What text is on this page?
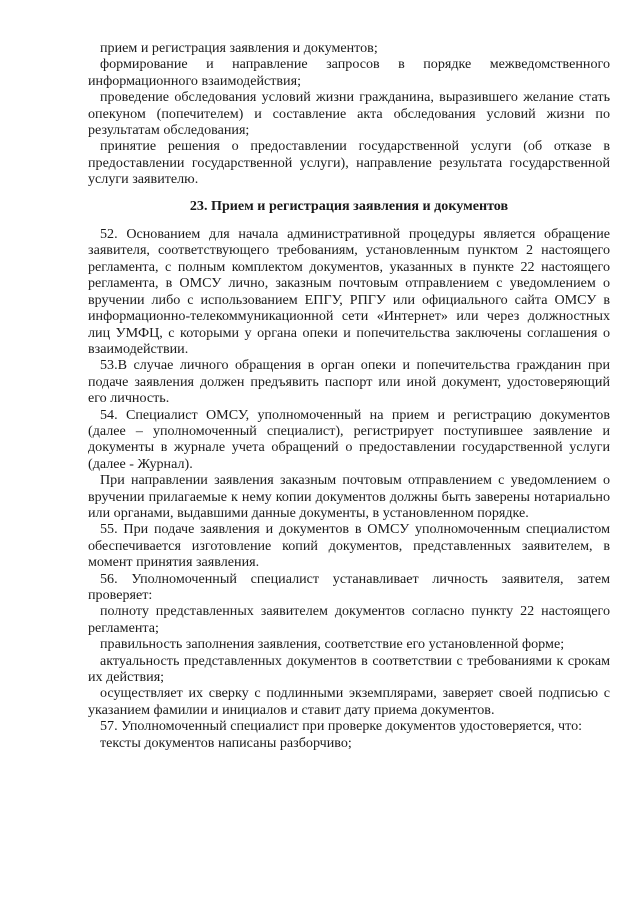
прием и регистрация заявления и документов;

формирование и направление запросов в порядке межведомственного информационного взаимодействия;

проведение обследования условий жизни гражданина, выразившего желание стать опекуном (попечителем) и составление акта обследования условий жизни по результатам обследования;

принятие решения о предоставлении государственной услуги (об отказе в предоставлении государственной услуги), направление результата государственной услуги заявителю.

23. Прием и регистрация заявления и документов

52. Основанием для начала административной процедуры является обращение заявителя, соответствующего требованиям, установленным пунктом 2 настоящего регламента, с полным комплектом документов, указанных в пункте 22 настоящего регламента, в ОМСУ лично, заказным почтовым отправлением с уведомлением о вручении либо с использованием ЕПГУ, РПГУ или официального сайта ОМСУ в информационно-телекоммуникационной сети «Интернет» или через должностных лиц УМФЦ, с которыми у органа опеки и попечительства заключены соглашения о взаимодействии.

53.В случае личного обращения в орган опеки и попечительства гражданин при подаче заявления должен предъявить паспорт или иной документ, удостоверяющий его личность.

54. Специалист ОМСУ, уполномоченный на прием и регистрацию документов (далее – уполномоченный специалист), регистрирует поступившее заявление и документы в журнале учета обращений о предоставлении государственной услуги (далее - Журнал).

При направлении заявления заказным почтовым отправлением с уведомлением о вручении прилагаемые к нему копии документов должны быть заверены нотариально или органами, выдавшими данные документы, в установленном порядке.

55. При подаче заявления и документов в ОМСУ уполномоченным специалистом обеспечивается изготовление копий документов, представленных заявителем, в момент принятия заявления.

56. Уполномоченный специалист устанавливает личность заявителя, затем проверяет:

полноту представленных заявителем документов согласно пункту 22 настоящего регламента;

правильность заполнения заявления, соответствие его установленной форме;

актуальность представленных документов в соответствии с требованиями к срокам их действия;

осуществляет их сверку с подлинными экземплярами, заверяет своей подписью с указанием фамилии и инициалов и ставит дату приема документов.

57. Уполномоченный специалист при проверке документов удостоверяется, что:

тексты документов написаны разборчиво;
